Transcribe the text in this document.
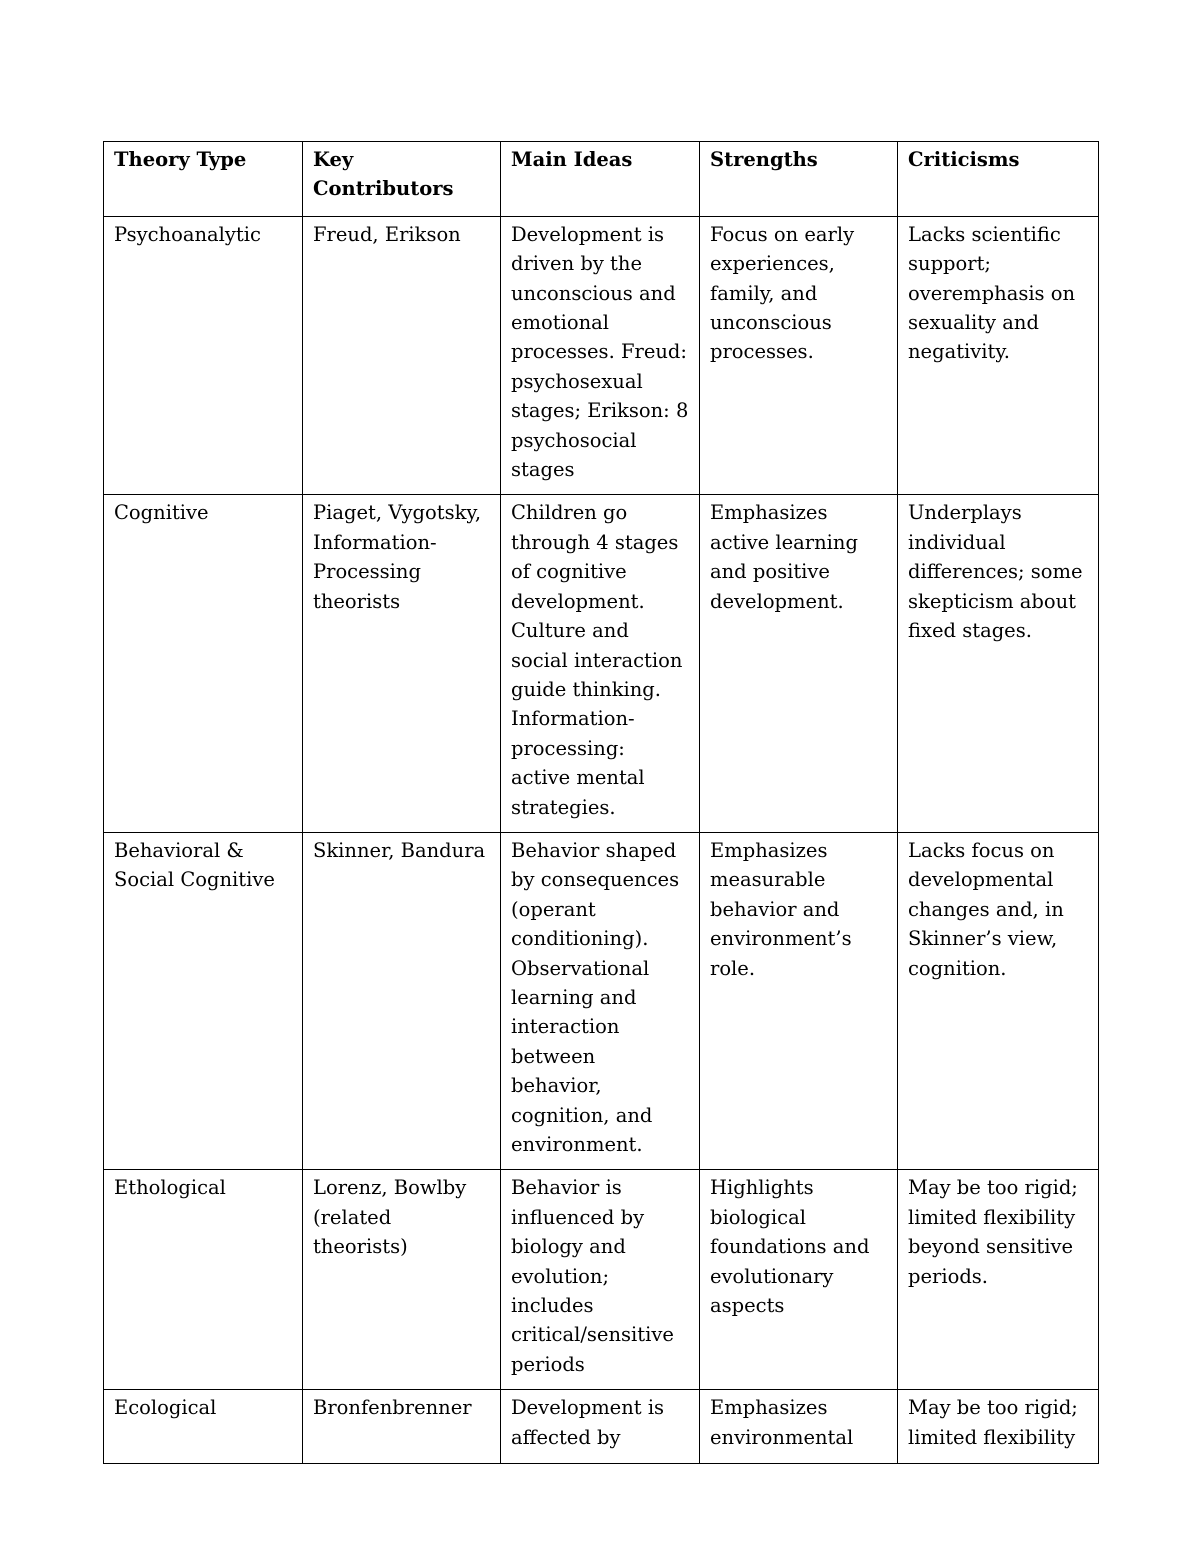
Theory Type	Key Contributors	Main Ideas	Strengths	Criticisms
Psychoanalytic	Freud, Erikson	Development is driven by the unconscious and emotional processes. Freud: psychosexual stages; Erikson: 8 psychosocial stages	Focus on early experiences, family, and unconscious processes.	Lacks scientific support; overemphasis on sexuality and negativity.
Cognitive	Piaget, Vygotsky, Information-Processing theorists	Children go through 4 stages of cognitive development. Culture and social interaction guide thinking. Information-processing: active mental strategies.	Emphasizes active learning and positive development.	Underplays individual differences; some skepticism about fixed stages.
Behavioral & Social Cognitive	Skinner, Bandura	Behavior shaped by consequences (operant conditioning). Observational learning and interaction between behavior, cognition, and environment.	Emphasizes measurable behavior and environment’s role.	Lacks focus on developmental changes and, in Skinner’s view, cognition.
Ethological	Lorenz, Bowlby (related theorists)	Behavior is influenced by biology and evolution; includes critical/sensitive periods	Highlights biological foundations and evolutionary aspects	May be too rigid; limited flexibility beyond sensitive periods.
Ecological	Bronfenbrenner	Development is affected by	Emphasizes environmental	May be too rigid; limited flexibility
